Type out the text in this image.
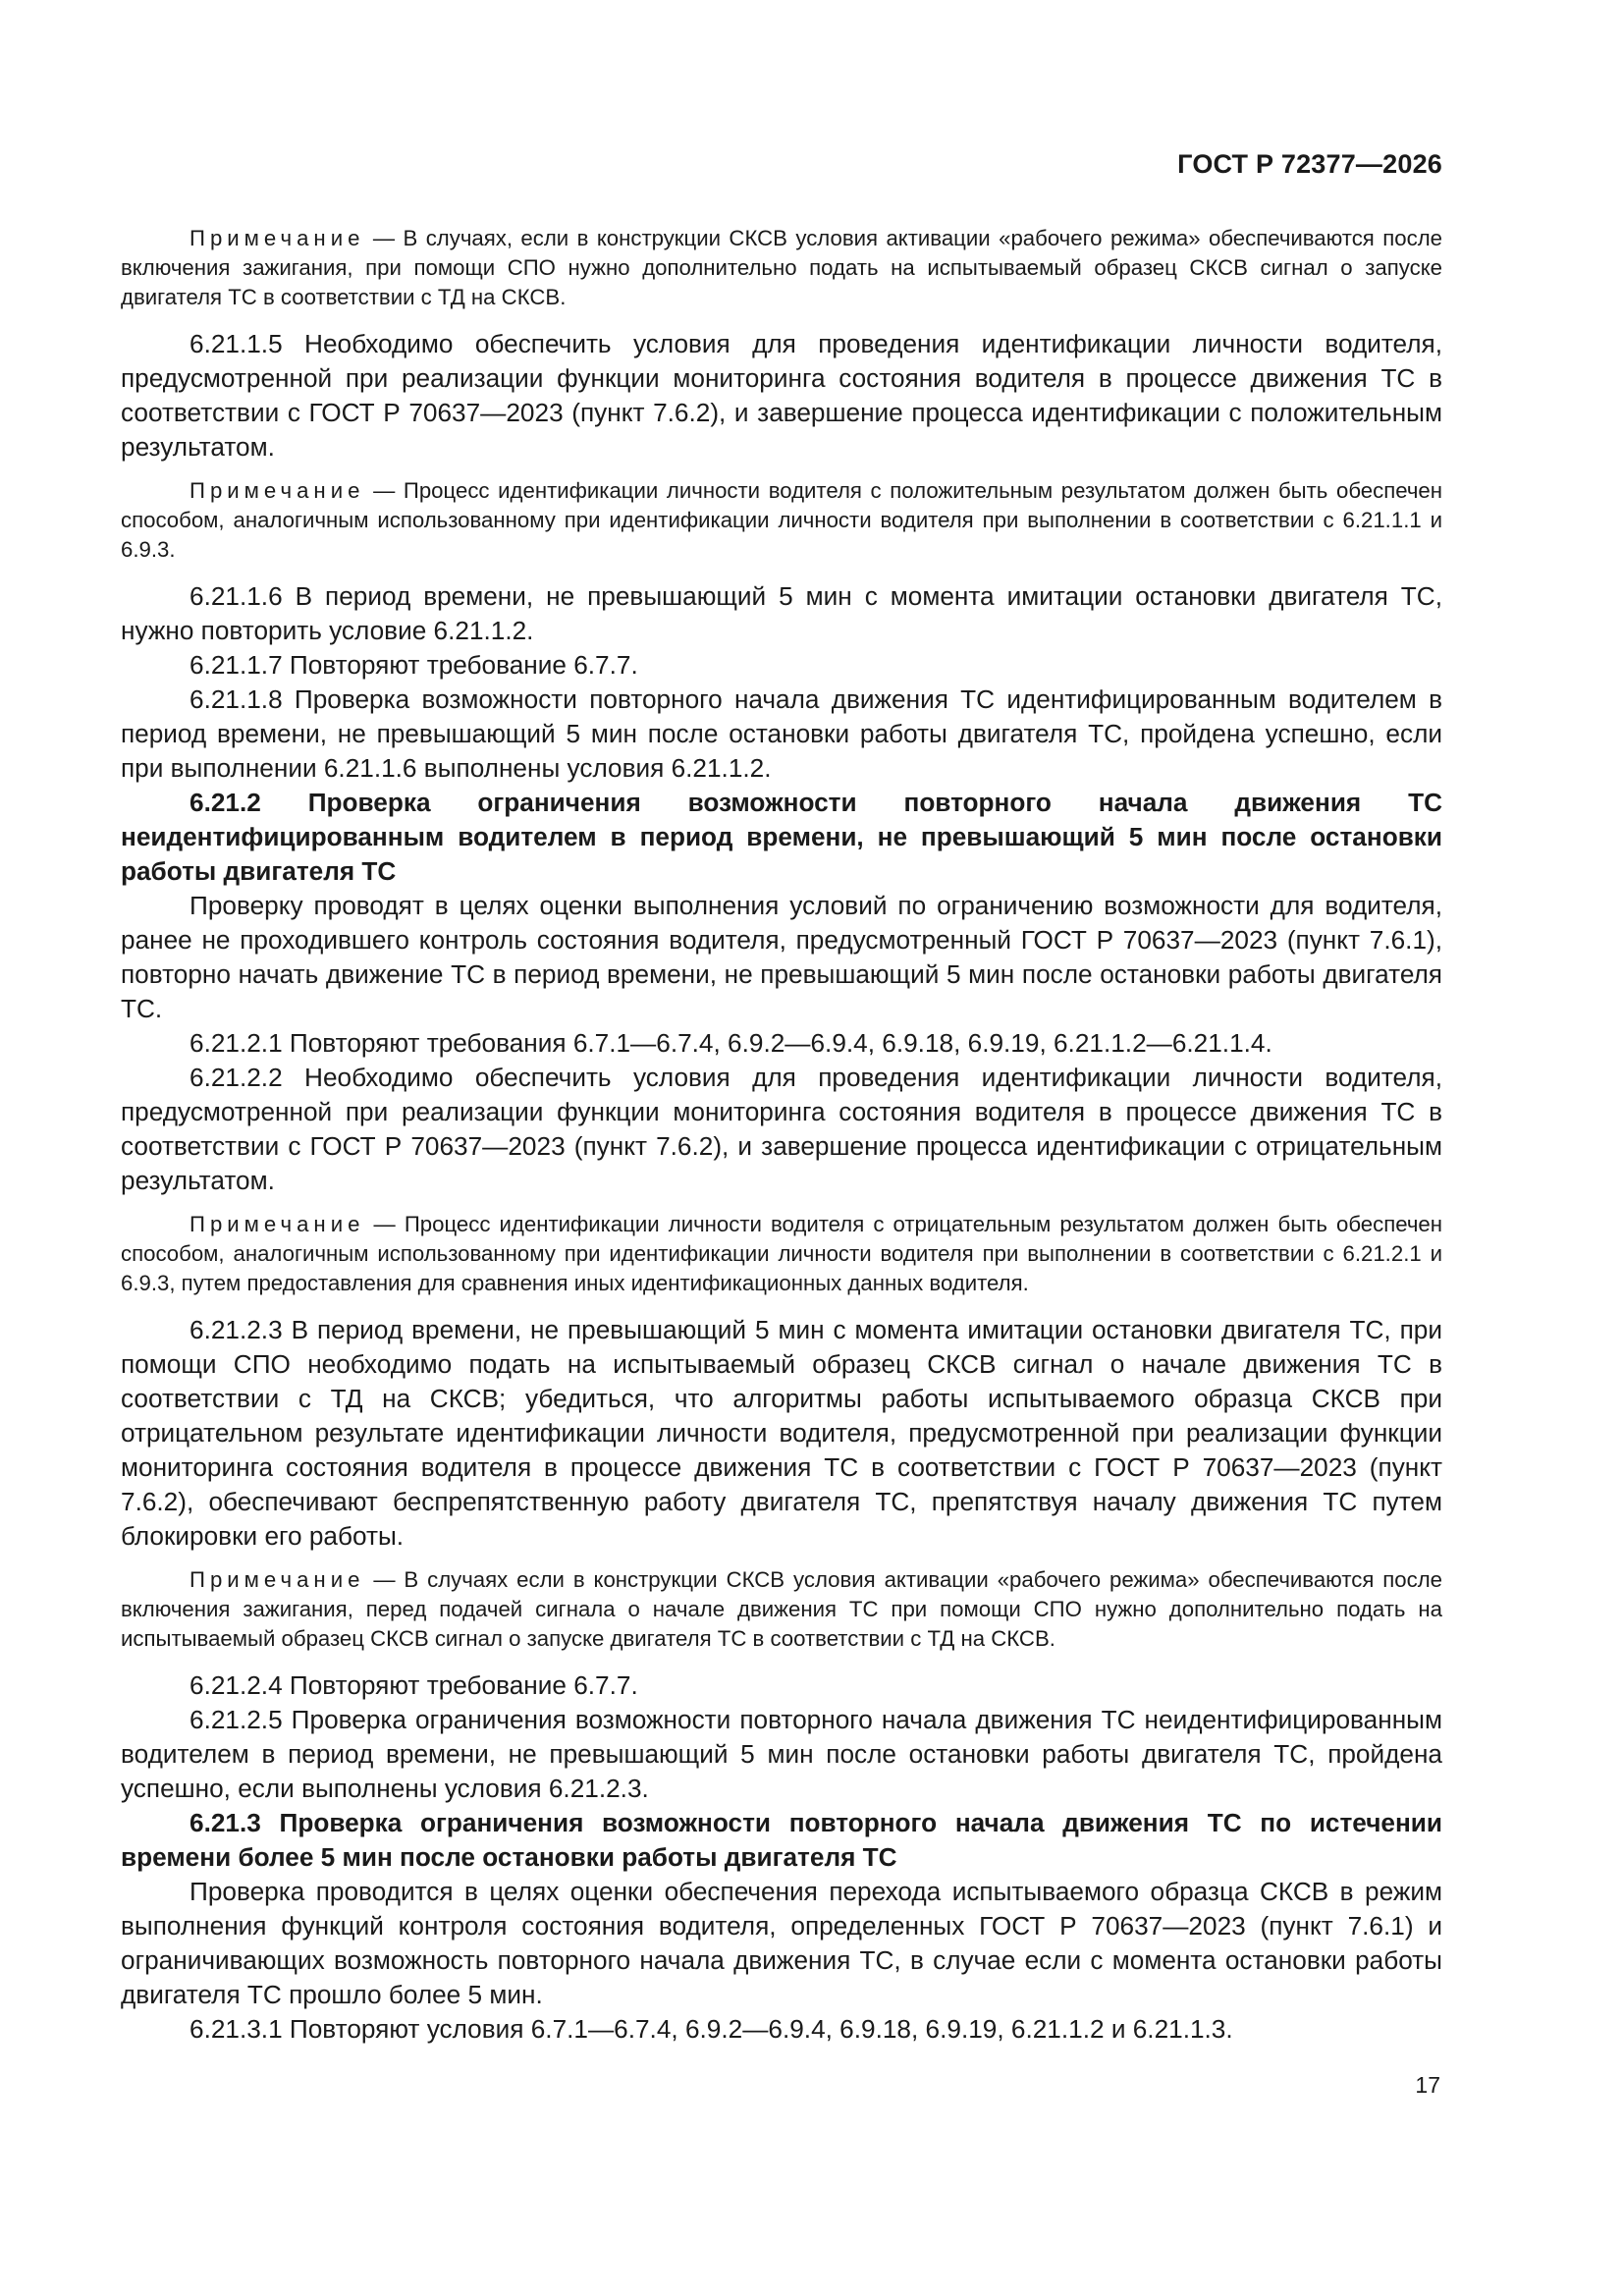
ГОСТ Р 72377—2026

Примечание — В случаях, если в конструкции СКСВ условия активации «рабочего режима» обеспечиваются после включения зажигания, при помощи СПО нужно дополнительно подать на испытываемый образец СКСВ сигнал о запуске двигателя ТС в соответствии с ТД на СКСВ.

6.21.1.5 Необходимо обеспечить условия для проведения идентификации личности водителя, предусмотренной при реализации функции мониторинга состояния водителя в процессе движения ТС в соответствии с ГОСТ Р 70637—2023 (пункт 7.6.2), и завершение процесса идентификации с положительным результатом.

Примечание — Процесс идентификации личности водителя с положительным результатом должен быть обеспечен способом, аналогичным использованному при идентификации личности водителя при выполнении в соответствии с 6.21.1.1 и 6.9.3.

6.21.1.6 В период времени, не превышающий 5 мин с момента имитации остановки двигателя ТС, нужно повторить условие 6.21.1.2.

6.21.1.7 Повторяют требование 6.7.7.

6.21.1.8 Проверка возможности повторного начала движения ТС идентифицированным водителем в период времени, не превышающий 5 мин после остановки работы двигателя ТС, пройдена успешно, если при выполнении 6.21.1.6 выполнены условия 6.21.1.2.

6.21.2 Проверка ограничения возможности повторного начала движения ТС неидентифицированным водителем в период времени, не превышающий 5 мин после остановки работы двигателя ТС

Проверку проводят в целях оценки выполнения условий по ограничению возможности для водителя, ранее не проходившего контроль состояния водителя, предусмотренный ГОСТ Р 70637—2023 (пункт 7.6.1), повторно начать движение ТС в период времени, не превышающий 5 мин после остановки работы двигателя ТС.

6.21.2.1 Повторяют требования 6.7.1—6.7.4, 6.9.2—6.9.4, 6.9.18, 6.9.19, 6.21.1.2—6.21.1.4.

6.21.2.2 Необходимо обеспечить условия для проведения идентификации личности водителя, предусмотренной при реализации функции мониторинга состояния водителя в процессе движения ТС в соответствии с ГОСТ Р 70637—2023 (пункт 7.6.2), и завершение процесса идентификации с отрицательным результатом.

Примечание — Процесс идентификации личности водителя с отрицательным результатом должен быть обеспечен способом, аналогичным использованному при идентификации личности водителя при выполнении в соответствии с 6.21.2.1 и 6.9.3, путем предоставления для сравнения иных идентификационных данных водителя.

6.21.2.3 В период времени, не превышающий 5 мин с момента имитации остановки двигателя ТС, при помощи СПО необходимо подать на испытываемый образец СКСВ сигнал о начале движения ТС в соответствии с ТД на СКСВ; убедиться, что алгоритмы работы испытываемого образца СКСВ при отрицательном результате идентификации личности водителя, предусмотренной при реализации функции мониторинга состояния водителя в процессе движения ТС в соответствии с ГОСТ Р 70637—2023 (пункт 7.6.2), обеспечивают беспрепятственную работу двигателя ТС, препятствуя началу движения ТС путем блокировки его работы.

Примечание — В случаях если в конструкции СКСВ условия активации «рабочего режима» обеспечиваются после включения зажигания, перед подачей сигнала о начале движения ТС при помощи СПО нужно дополнительно подать на испытываемый образец СКСВ сигнал о запуске двигателя ТС в соответствии с ТД на СКСВ.

6.21.2.4 Повторяют требование 6.7.7.

6.21.2.5 Проверка ограничения возможности повторного начала движения ТС неидентифицированным водителем в период времени, не превышающий 5 мин после остановки работы двигателя ТС, пройдена успешно, если выполнены условия 6.21.2.3.

6.21.3 Проверка ограничения возможности повторного начала движения ТС по истечении времени более 5 мин после остановки работы двигателя ТС

Проверка проводится в целях оценки обеспечения перехода испытываемого образца СКСВ в режим выполнения функций контроля состояния водителя, определенных ГОСТ Р 70637—2023 (пункт 7.6.1) и ограничивающих возможность повторного начала движения ТС, в случае если с момента остановки работы двигателя ТС прошло более 5 мин.

6.21.3.1 Повторяют условия 6.7.1—6.7.4, 6.9.2—6.9.4, 6.9.18, 6.9.19, 6.21.1.2 и 6.21.1.3.

17
